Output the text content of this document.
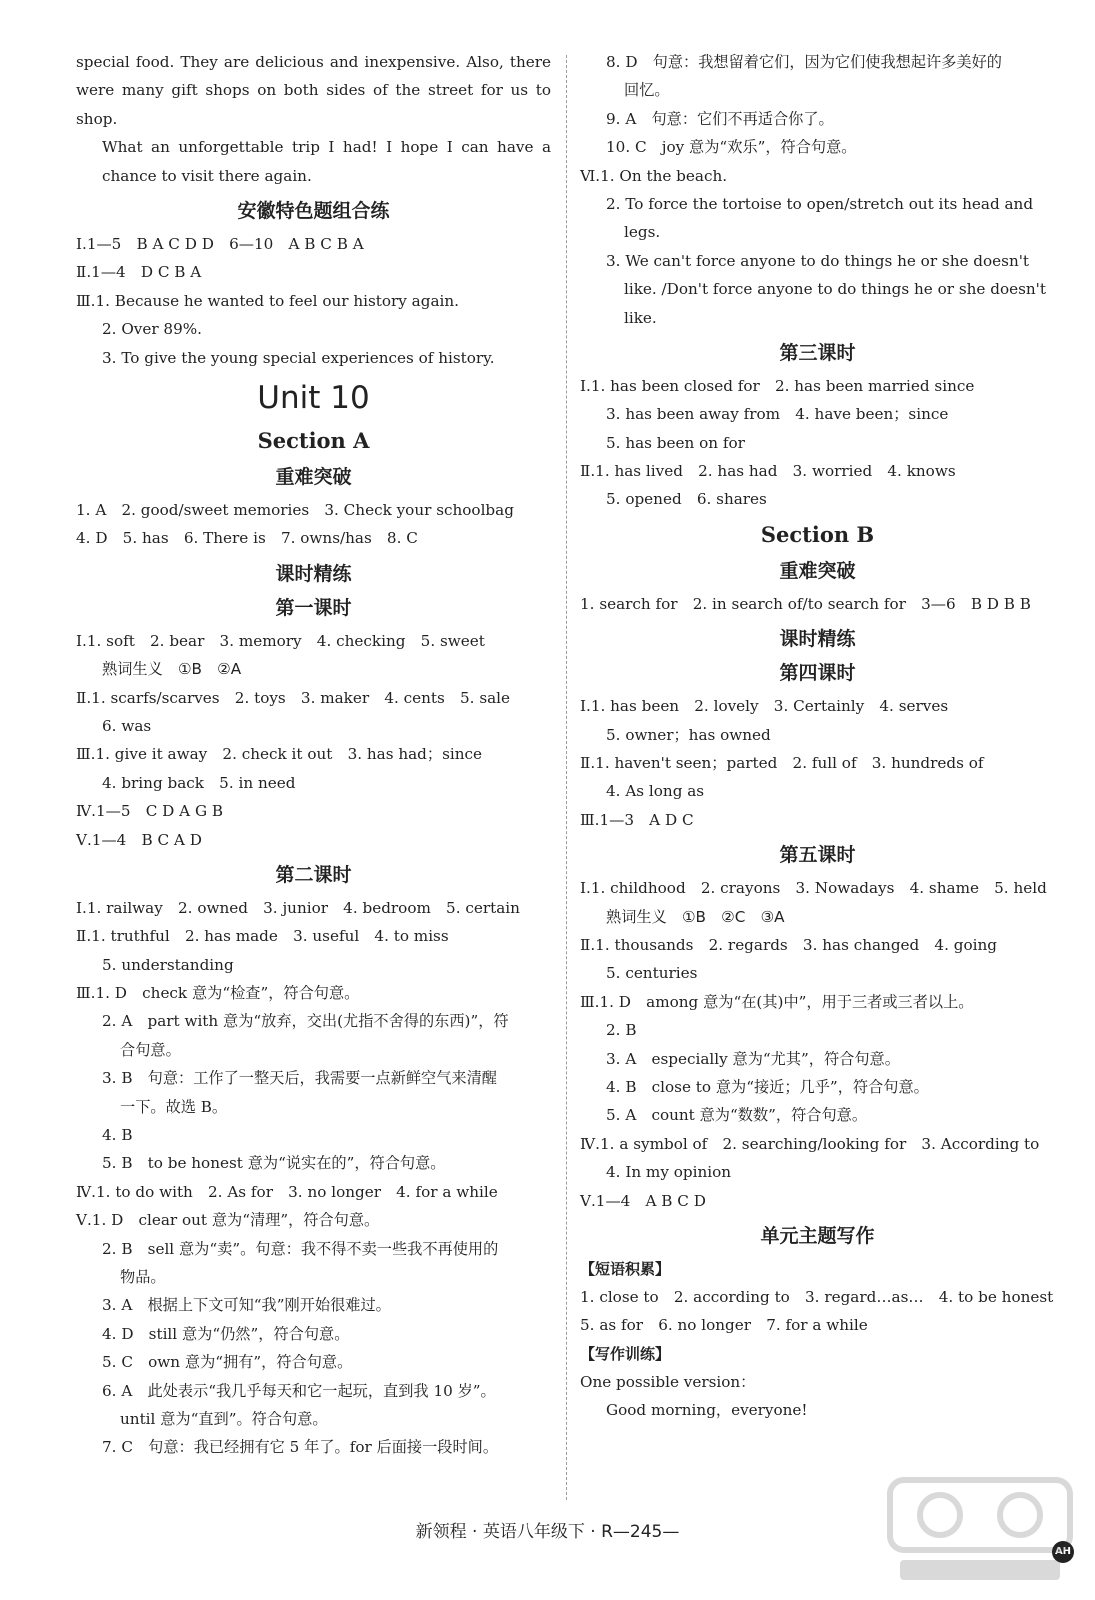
special food. They are delicious and inexpensive. Also, there were many gift shops on both sides of the street for us to shop.
What an unforgettable trip I had! I hope I can have a chance to visit there again.
安徽特色题组合练
Ⅰ.1—5　B A C D D　6—10　A B C B A
Ⅱ.1—4　D C B A
Ⅲ.1. Because he wanted to feel our history again.
2. Over 89%.
3. To give the young special experiences of history.
Unit 10
Section A
重难突破
1. A　2. good/sweet memories　3. Check your schoolbag
4. D　5. has　6. There is　7. owns/has　8. C
课时精练
第一课时
Ⅰ.1. soft　2. bear　3. memory　4. checking　5. sweet
熟词生义　①B　②A
Ⅱ.1. scarfs/scarves　2. toys　3. maker　4. cents　5. sale
6. was
Ⅲ.1. give it away　2. check it out　3. has had；since
4. bring back　5. in need
Ⅳ.1—5　C D A G B
Ⅴ.1—4　B C A D
第二课时
Ⅰ.1. railway　2. owned　3. junior　4. bedroom　5. certain
Ⅱ.1. truthful　2. has made　3. useful　4. to miss
5. understanding
Ⅲ.1. D　check 意为“检查”，符合句意。
2. A　part with 意为“放弃，交出(尤指不舍得的东西)”，符
合句意。
3. B　句意：工作了一整天后，我需要一点新鲜空气来清醒
一下。故选 B。
4. B
5. B　to be honest 意为“说实在的”，符合句意。
Ⅳ.1. to do with　2. As for　3. no longer　4. for a while
Ⅴ.1. D　clear out 意为“清理”，符合句意。
2. B　sell 意为“卖”。句意：我不得不卖一些我不再使用的
物品。
3. A　根据上下文可知“我”刚开始很难过。
4. D　still 意为“仍然”，符合句意。
5. C　own 意为“拥有”，符合句意。
6. A　此处表示“我几乎每天和它一起玩，直到我 10 岁”。
until 意为“直到”。符合句意。
7. C　句意：我已经拥有它 5 年了。for 后面接一段时间。
8. D　句意：我想留着它们，因为它们使我想起许多美好的
回忆。
9. A　句意：它们不再适合你了。
10. C　joy 意为“欢乐”，符合句意。
Ⅵ.1. On the beach.
2. To force the tortoise to open/stretch out its head and
legs.
3. We can't force anyone to do things he or she doesn't
like. /Don't force anyone to do things he or she doesn't
like.
第三课时
Ⅰ.1. has been closed for　2. has been married since
3. has been away from　4. have been；since
5. has been on for
Ⅱ.1. has lived　2. has had　3. worried　4. knows
5. opened　6. shares
Section B
重难突破
1. search for　2. in search of/to search for　3—6　B D B B
课时精练
第四课时
Ⅰ.1. has been　2. lovely　3. Certainly　4. serves
5. owner；has owned
Ⅱ.1. haven't seen；parted　2. full of　3. hundreds of
4. As long as
Ⅲ.1—3　A D C
第五课时
Ⅰ.1. childhood　2. crayons　3. Nowadays　4. shame　5. held
熟词生义　①B　②C　③A
Ⅱ.1. thousands　2. regards　3. has changed　4. going
5. centuries
Ⅲ.1. D　among 意为“在(其)中”，用于三者或三者以上。
2. B
3. A　especially 意为“尤其”，符合句意。
4. B　close to 意为“接近；几乎”，符合句意。
5. A　count 意为“数数”，符合句意。
Ⅳ.1. a symbol of　2. searching/looking for　3. According to
4. In my opinion
Ⅴ.1—4　A B C D
单元主题写作
【短语积累】
1. close to　2. according to　3. regard…as…　4. to be honest
5. as for　6. no longer　7. for a while
【写作训练】
One possible version：
Good morning，everyone!
新领程 · 英语八年级下 · R—245—
AH
